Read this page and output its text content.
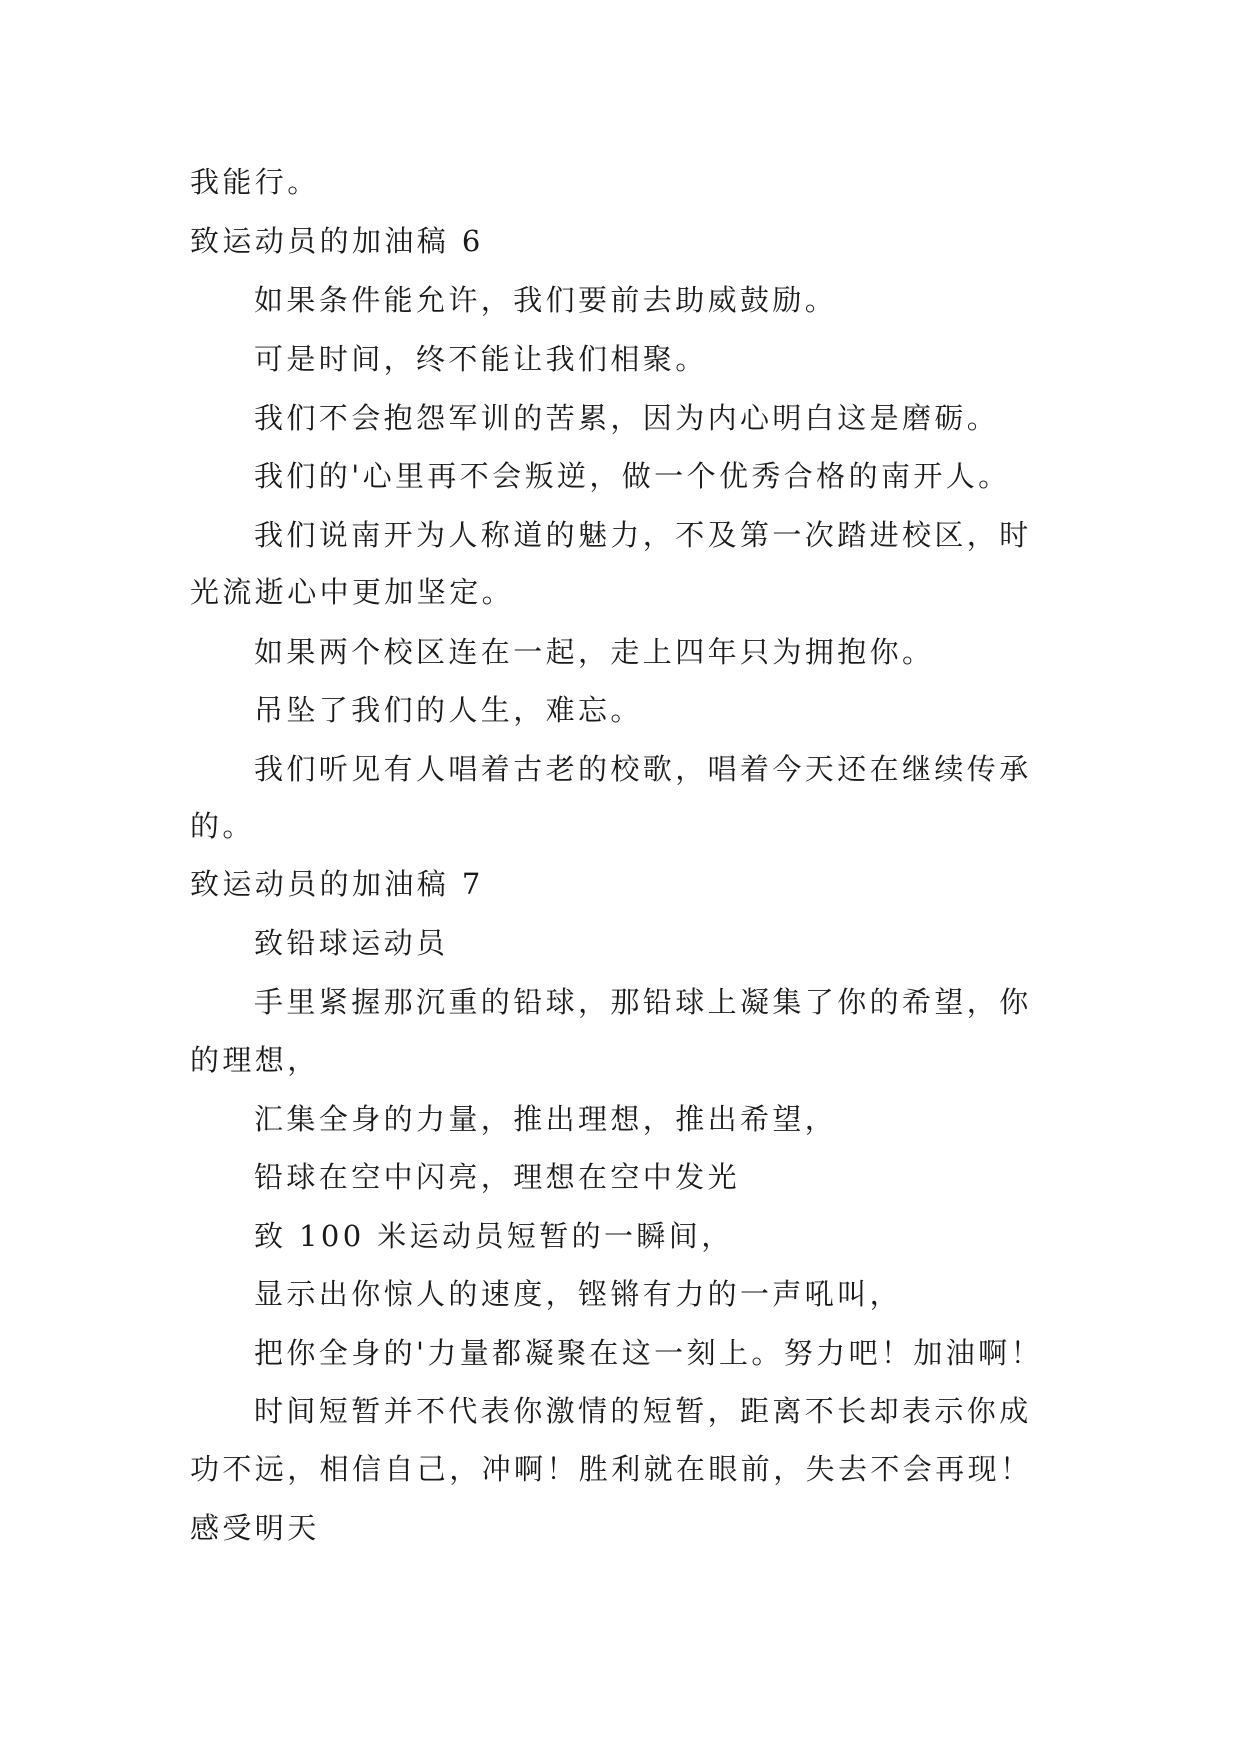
我能行。
致运动员的加油稿 6
如果条件能允许，我们要前去助威鼓励。
可是时间，终不能让我们相聚。
我们不会抱怨军训的苦累，因为内心明白这是磨砺。
我们的'心里再不会叛逆，做一个优秀合格的南开人。
我们说南开为人称道的魅力，不及第一次踏进校区，时
光流逝心中更加坚定。
如果两个校区连在一起，走上四年只为拥抱你。
吊坠了我们的人生，难忘。
我们听见有人唱着古老的校歌，唱着今天还在继续传承
的。
致运动员的加油稿 7
致铅球运动员
手里紧握那沉重的铅球，那铅球上凝集了你的希望，你
的理想，
汇集全身的力量，推出理想，推出希望，
铅球在空中闪亮，理想在空中发光
致 100 米运动员短暂的一瞬间，
显示出你惊人的速度，铿锵有力的一声吼叫，
把你全身的'力量都凝聚在这一刻上。努力吧！加油啊！
时间短暂并不代表你激情的短暂，距离不长却表示你成
功不远，相信自己，冲啊！胜利就在眼前，失去不会再现！
感受明天
